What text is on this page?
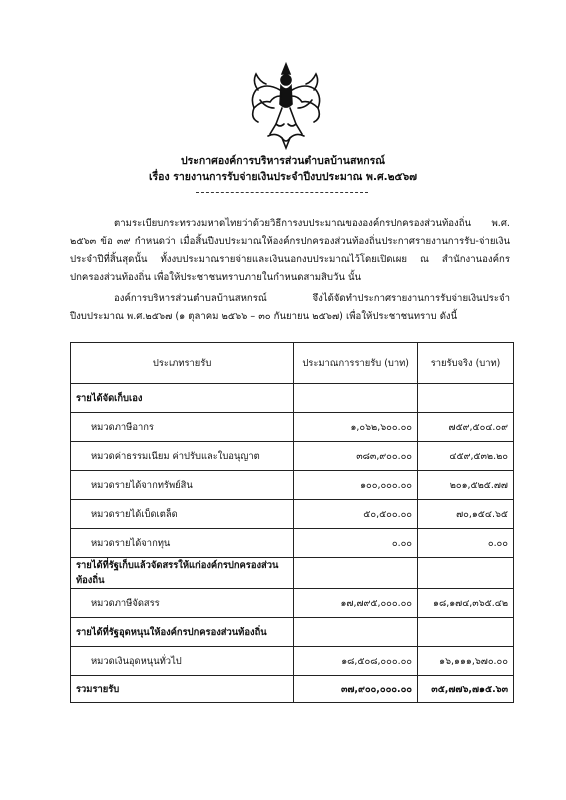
ประกาศองค์การบริหารส่วนตำบลบ้านสหกรณ์
เรื่อง รายงานการรับจ่ายเงินประจำปีงบประมาณ พ.ศ.๒๕๖๗
ตามระเบียบกระทรวงมหาดไทยว่าด้วยวิธีการงบประมาณขององค์กรปกครองส่วนท้องถิ่น พ.ศ. ๒๕๖๓ ข้อ ๓๙ กำหนดว่า เมื่อสิ้นปีงบประมาณให้องค์กรปกครองส่วนท้องถิ่นประกาศรายงานการรับ-จ่ายเงินประจำปีที่สิ้นสุดนั้น ทั้งงบประมาณรายจ่ายและเงินนอกงบประมาณไว้โดยเปิดเผย ณ สำนักงานองค์กรปกครองส่วนท้องถิ่น เพื่อให้ประชาชนทราบภายในกำหนดสามสิบวัน นั้น
องค์การบริหารส่วนตำบลบ้านสหกรณ์ จึงได้จัดทำประกาศรายงานการรับจ่ายเงินประจำปีงบประมาณ พ.ศ.๒๕๖๗ (๑ ตุลาคม ๒๕๖๖ – ๓๐ กันยายน ๒๕๖๗) เพื่อให้ประชาชนทราบ ดังนี้
ประเภทรายรับ	ประมาณการรายรับ (บาท)	รายรับจริง (บาท)
รายได้จัดเก็บเอง		
หมวดภาษีอากร	๑,๐๖๒,๖๐๐.๐๐	๗๕๙,๕๐๔.๐๙
หมวดค่าธรรมเนียม ค่าปรับและใบอนุญาต	๓๘๓,๙๐๐.๐๐	๔๕๙,๕๓๒.๒๐
หมวดรายได้จากทรัพย์สิน	๑๐๐,๐๐๐.๐๐	๒๐๑,๕๒๕.๗๗
หมวดรายได้เบ็ดเตล็ด	๕๐,๕๐๐.๐๐	๗๐,๑๕๔.๖๕
หมวดรายได้จากทุน	๐.๐๐	๐.๐๐
รายได้ที่รัฐเก็บแล้วจัดสรรให้แก่องค์กรปกครองส่วนท้องถิ่น		
หมวดภาษีจัดสรร	๑๗,๗๙๕,๐๐๐.๐๐	๑๘,๑๗๔,๓๖๕.๔๒
รายได้ที่รัฐอุดหนุนให้องค์กรปกครองส่วนท้องถิ่น		
หมวดเงินอุดหนุนทั่วไป	๑๘,๕๐๘,๐๐๐.๐๐	๑๖,๑๑๑,๖๗๐.๐๐
รวมรายรับ	๓๗,๙๐๐,๐๐๐.๐๐	๓๕,๗๗๖,๗๑๕.๖๓
